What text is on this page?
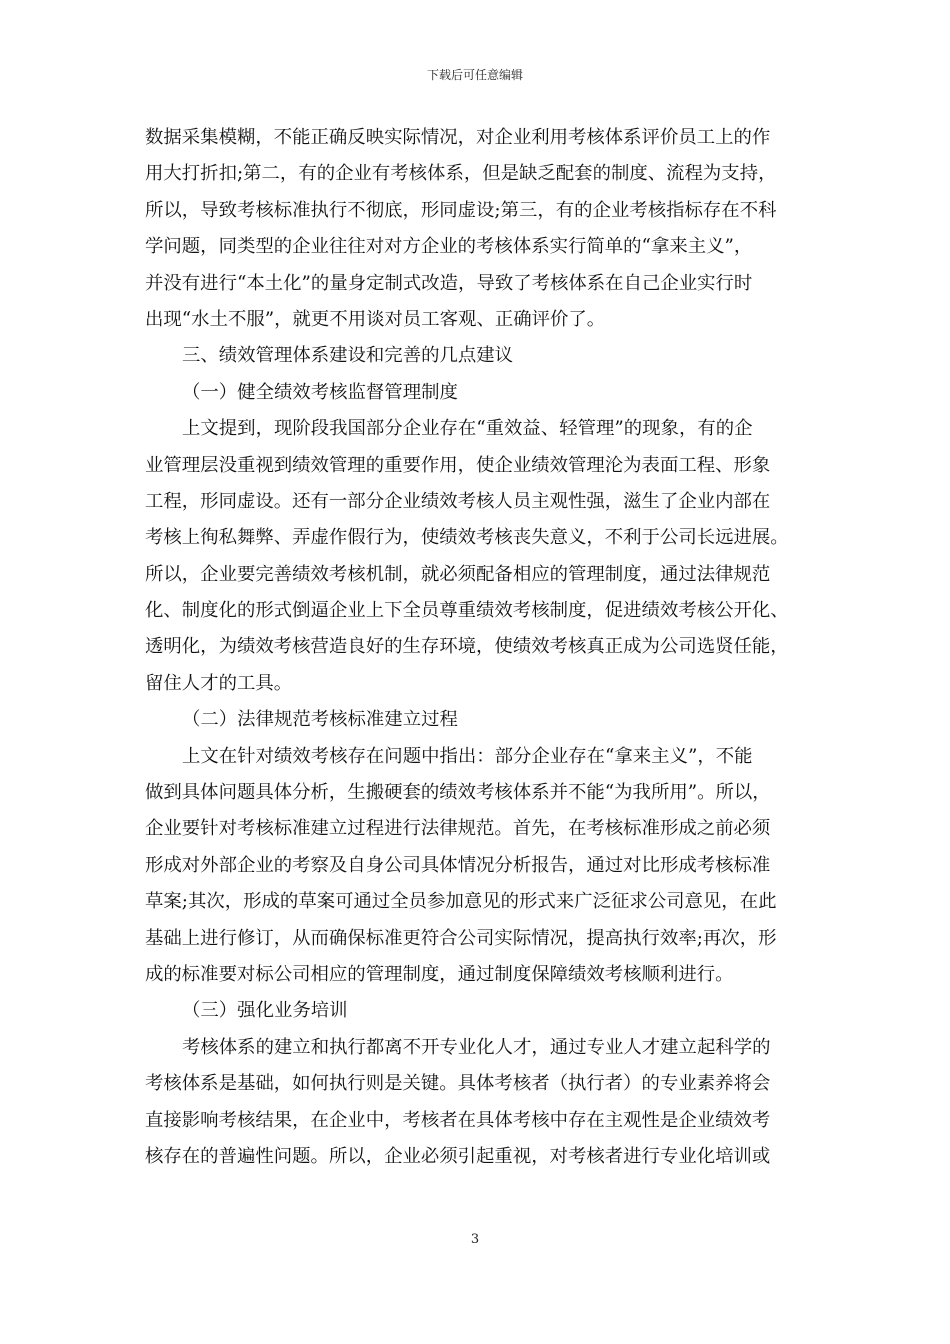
下载后可任意编辑
数据采集模糊，不能正确反映实际情况，对企业利用考核体系评价员工上的作
用大打折扣;第二，有的企业有考核体系，但是缺乏配套的制度、流程为支持，
所以，导致考核标准执行不彻底，形同虚设;第三，有的企业考核指标存在不科
学问题，同类型的企业往往对对方企业的考核体系实行简单的“拿来主义”，
并没有进行“本土化”的量身定制式改造，导致了考核体系在自己企业实行时
出现“水土不服”，就更不用谈对员工客观、正确评价了。
三、绩效管理体系建设和完善的几点建议
（一）健全绩效考核监督管理制度
上文提到，现阶段我国部分企业存在“重效益、轻管理”的现象，有的企
业管理层没重视到绩效管理的重要作用，使企业绩效管理沦为表面工程、形象
工程，形同虚设。还有一部分企业绩效考核人员主观性强，滋生了企业内部在
考核上徇私舞弊、弄虚作假行为，使绩效考核丧失意义，不利于公司长远进展。
所以，企业要完善绩效考核机制，就必须配备相应的管理制度，通过法律规范
化、制度化的形式倒逼企业上下全员尊重绩效考核制度，促进绩效考核公开化、
透明化，为绩效考核营造良好的生存环境，使绩效考核真正成为公司选贤任能，
留住人才的工具。
（二）法律规范考核标准建立过程
上文在针对绩效考核存在问题中指出：部分企业存在“拿来主义”，不能
做到具体问题具体分析，生搬硬套的绩效考核体系并不能“为我所用”。所以，
企业要针对考核标准建立过程进行法律规范。首先，在考核标准形成之前必须
形成对外部企业的考察及自身公司具体情况分析报告，通过对比形成考核标准
草案;其次，形成的草案可通过全员参加意见的形式来广泛征求公司意见，在此
基础上进行修订，从而确保标准更符合公司实际情况，提高执行效率;再次，形
成的标准要对标公司相应的管理制度，通过制度保障绩效考核顺利进行。
（三）强化业务培训
考核体系的建立和执行都离不开专业化人才，通过专业人才建立起科学的
考核体系是基础，如何执行则是关键。具体考核者（执行者）的专业素养将会
直接影响考核结果，在企业中，考核者在具体考核中存在主观性是企业绩效考
核存在的普遍性问题。所以，企业必须引起重视，对考核者进行专业化培训或
3
